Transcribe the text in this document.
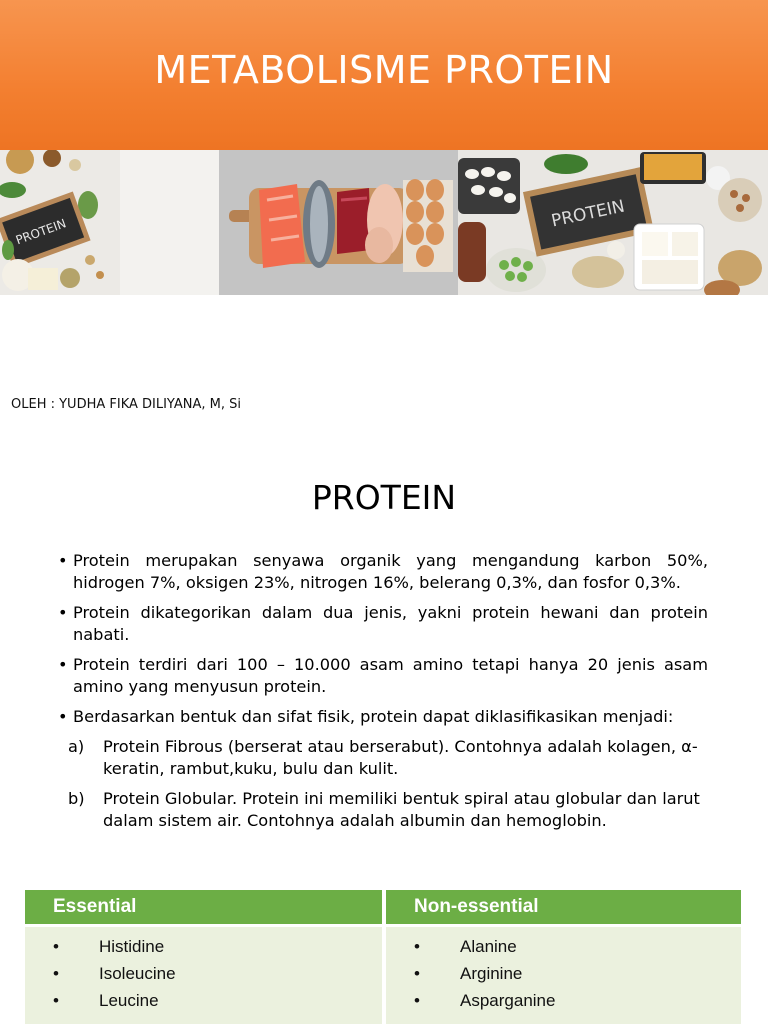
METABOLISME PROTEIN
PROTEIN
PROTEIN
OLEH : YUDHA FIKA DILIYANA, M, Si
PROTEIN
• Protein merupakan senyawa organik yang mengandung karbon 50%, hidrogen 7%, oksigen 23%, nitrogen 16%, belerang 0,3%, dan fosfor 0,3%.
• Protein dikategorikan dalam dua jenis, yakni protein hewani dan protein nabati.
• Protein terdiri dari 100 – 10.000 asam amino tetapi hanya 20 jenis asam amino yang menyusun protein.
• Berdasarkan bentuk dan sifat fisik, protein dapat diklasifikasikan menjadi:
a)	Protein Fibrous (berserat atau berserabut). Contohnya adalah kolagen, α-keratin, rambut,kuku, bulu dan kulit.
b)	Protein Globular. Protein ini memiliki bentuk spiral atau globular dan larut dalam sistem air. Contohnya adalah albumin dan hemoglobin.
Essential
•	Histidine
•	Isoleucine
•	Leucine
Non-essential
•	Alanine
•	Arginine
•	Asparganine
